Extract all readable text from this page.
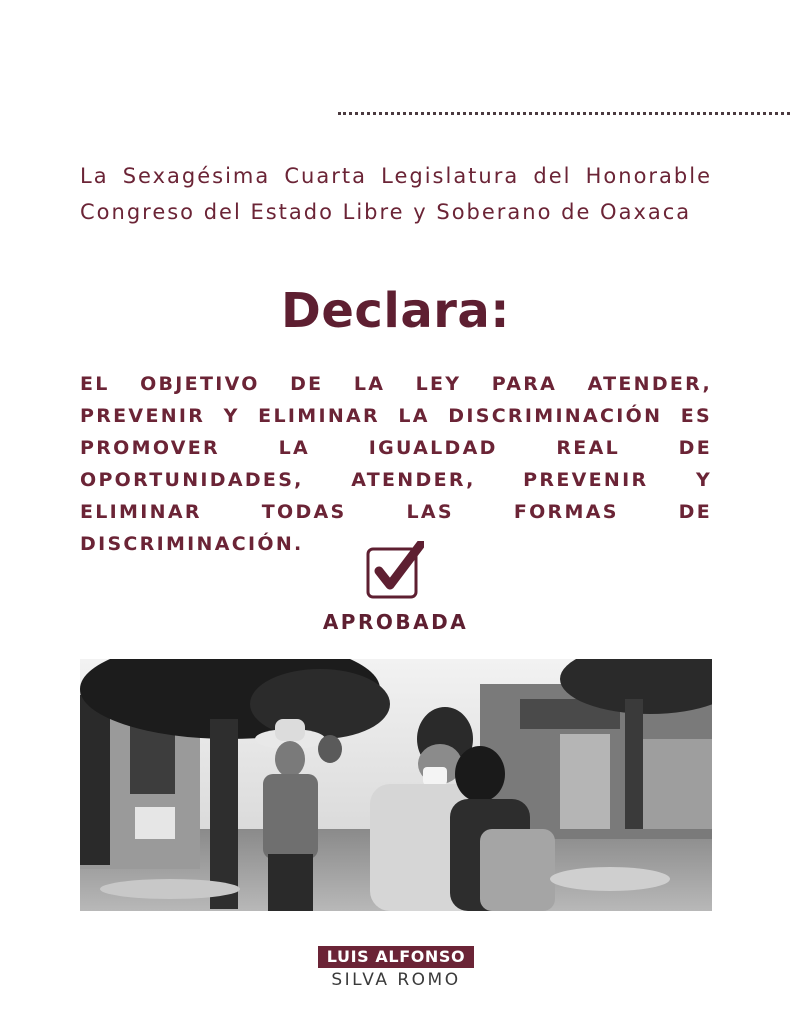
La Sexagésima Cuarta Legislatura del Honorable Congreso del Estado Libre y Soberano de Oaxaca
Declara:
EL OBJETIVO DE LA LEY PARA ATENDER, PREVENIR Y ELIMINAR LA DISCRIMINACIÓN ES PROMOVER LA IGUALDAD REAL DE OPORTUNIDADES, ATENDER, PREVENIR Y ELIMINAR TODAS LAS FORMAS DE DISCRIMINACIÓN.
APROBADA
LUIS ALFONSO
SILVA ROMO
